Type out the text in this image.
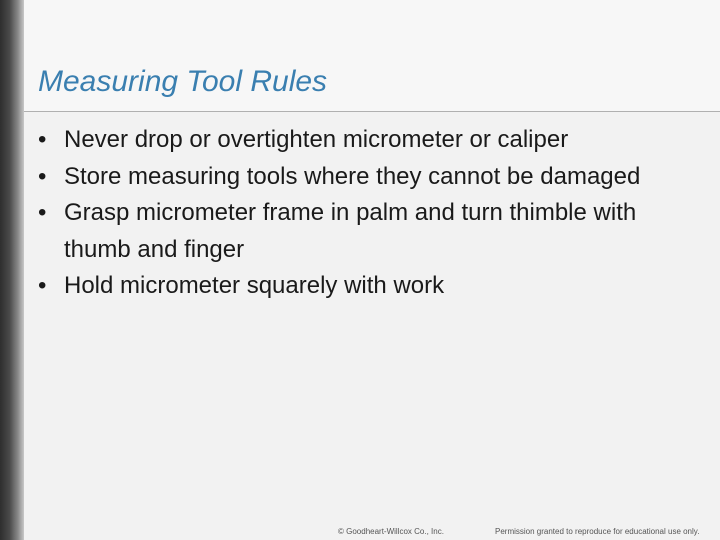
Measuring Tool Rules
• Never drop or overtighten micrometer or caliper
• Store measuring tools where they cannot be damaged
• Grasp micrometer frame in palm and turn thimble with thumb and finger
• Hold micrometer squarely with work
© Goodheart-Willcox Co., Inc.	Permission granted to reproduce for educational use only.
